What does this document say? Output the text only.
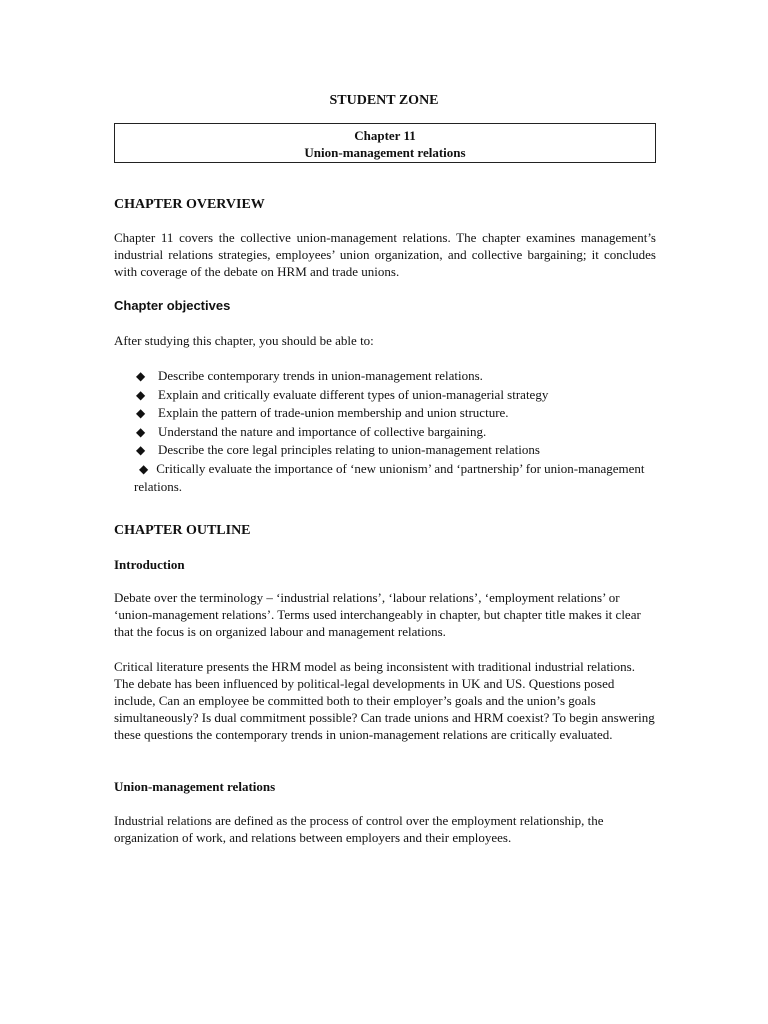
STUDENT ZONE
Chapter 11
Union-management relations
CHAPTER OVERVIEW

Chapter 11 covers the collective union-management relations. The chapter examines management’s industrial relations strategies, employees’ union organization, and collective bargaining; it concludes with coverage of the debate on HRM and trade unions.

Chapter objectives

After studying this chapter, you should be able to:

◆ Describe contemporary trends in union-management relations.
◆ Explain and critically evaluate different types of union-managerial strategy
◆ Explain the pattern of trade-union membership and union structure.
◆ Understand the nature and importance of collective bargaining.
◆ Describe the core legal principles relating to union-management relations
◆ Critically evaluate the importance of ‘new unionism’ and ‘partnership’ for union-management relations.
CHAPTER OUTLINE
Introduction

Debate over the terminology – ‘industrial relations’, ‘labour relations’, ‘employment relations’ or ‘union-management relations’. Terms used interchangeably in chapter, but chapter title makes it clear that the focus is on organized labour and management relations.

Critical literature presents the HRM model as being inconsistent with traditional industrial relations. The debate has been influenced by political-legal developments in UK and US. Questions posed include, Can an employee be committed both to their employer’s goals and the union’s goals simultaneously? Is dual commitment possible? Can trade unions and HRM coexist? To begin answering these questions the contemporary trends in union-management relations are critically evaluated.

Union-management relations

Industrial relations are defined as the process of control over the employment relationship, the organization of work, and relations between employers and their employees.
